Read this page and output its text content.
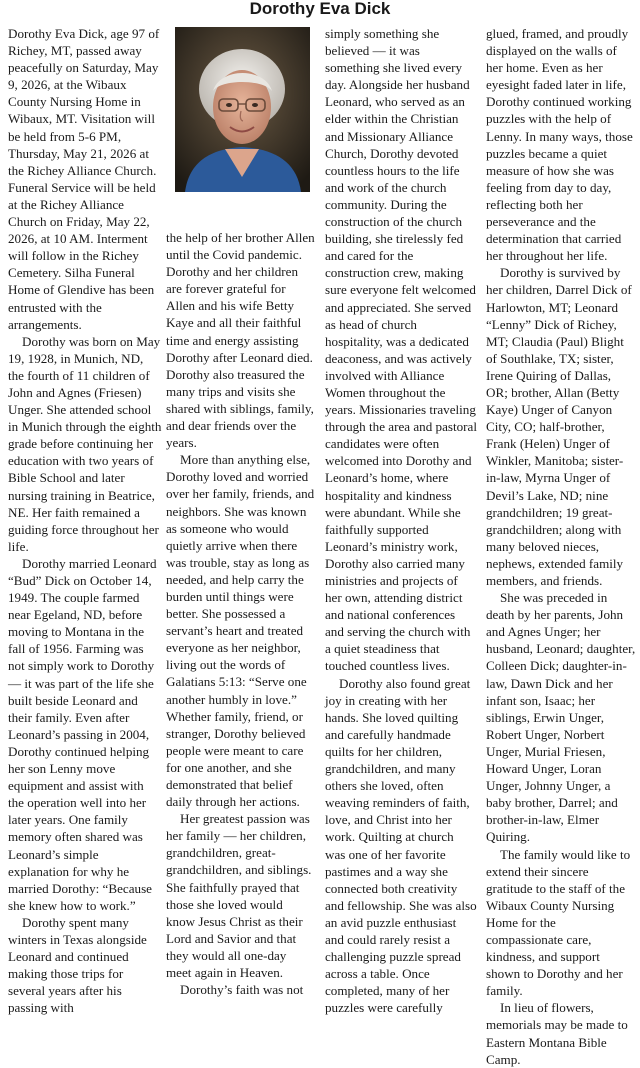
Dorothy Eva Dick

Dorothy Eva Dick, age 97 of Richey, MT, passed away peacefully on Saturday, May 9, 2026, at the Wibaux County Nursing Home in Wibaux, MT. Visitation will be held from 5-6 PM, Thursday, May 21, 2026 at the Richey Alliance Church. Funeral Service will be held at the Richey Alliance Church on Friday, May 22, 2026, at 10 AM. Interment will follow in the Richey Cemetery. Silha Funeral Home of Glendive has been entrusted with the arrangements.

Dorothy was born on May 19, 1928, in Munich, ND, the fourth of 11 children of John and Agnes (Friesen) Unger. She attended school in Munich through the eighth grade before continuing her education with two years of Bible School and later nursing training in Beatrice, NE. Her faith remained a guiding force throughout her life.

Dorothy married Leonard “Bud” Dick on October 14, 1949. The couple farmed near Egeland, ND, before moving to Montana in the fall of 1956. Farming was not simply work to Dorothy — it was part of the life she built beside Leonard and their family. Even after Leonard’s passing in 2004, Dorothy continued helping her son Lenny move equipment and assist with the operation well into her later years. One family memory often shared was Leonard’s simple explanation for why he married Dorothy: “Because she knew how to work.”

Dorothy spent many winters in Texas alongside Leonard and continued making those trips for several years after his passing with

the help of her brother Allen until the Covid pandemic. Dorothy and her children are forever grateful for Allen and his wife Betty Kaye and all their faithful time and energy assisting Dorothy after Leonard died. Dorothy also treasured the many trips and visits she shared with siblings, family, and dear friends over the years.

More than anything else, Dorothy loved and worried over her family, friends, and neighbors. She was known as someone who would quietly arrive when there was trouble, stay as long as needed, and help carry the burden until things were better. She possessed a servant’s heart and treated everyone as her neighbor, living out the words of Galatians 5:13: “Serve one another humbly in love.” Whether family, friend, or stranger, Dorothy believed people were meant to care for one another, and she demonstrated that belief daily through her actions.

Her greatest passion was her family — her children, grandchildren, great-grandchildren, and siblings. She faithfully prayed that those she loved would know Jesus Christ as their Lord and Savior and that they would all one-day meet again in Heaven.

Dorothy’s faith was not

simply something she believed — it was something she lived every day. Alongside her husband Leonard, who served as an elder within the Christian and Missionary Alliance Church, Dorothy devoted countless hours to the life and work of the church community. During the construction of the church building, she tirelessly fed and cared for the construction crew, making sure everyone felt welcomed and appreciated. She served as head of church hospitality, was a dedicated deaconess, and was actively involved with Alliance Women throughout the years. Missionaries traveling through the area and pastoral candidates were often welcomed into Dorothy and Leonard’s home, where hospitality and kindness were abundant. While she faithfully supported Leonard’s ministry work, Dorothy also carried many ministries and projects of her own, attending district and national conferences and serving the church with a quiet steadiness that touched countless lives.

Dorothy also found great joy in creating with her hands. She loved quilting and carefully handmade quilts for her children, grandchildren, and many others she loved, often weaving reminders of faith, love, and Christ into her work. Quilting at church was one of her favorite pastimes and a way she connected both creativity and fellowship. She was also an avid puzzle enthusiast and could rarely resist a challenging puzzle spread across a table. Once completed, many of her puzzles were carefully

glued, framed, and proudly displayed on the walls of her home. Even as her eyesight faded later in life, Dorothy continued working puzzles with the help of Lenny. In many ways, those puzzles became a quiet measure of how she was feeling from day to day, reflecting both her perseverance and the determination that carried her throughout her life.

Dorothy is survived by her children, Darrel Dick of Harlowton, MT; Leonard “Lenny” Dick of Richey, MT; Claudia (Paul) Blight of Southlake, TX; sister, Irene Quiring of Dallas, OR; brother, Allan (Betty Kaye) Unger of Canyon City, CO; half-brother, Frank (Helen) Unger of Winkler, Manitoba; sister-in-law, Myrna Unger of Devil’s Lake, ND; nine grandchildren; 19 great-grandchildren; along with many beloved nieces, nephews, extended family members, and friends.

She was preceded in death by her parents, John and Agnes Unger; her husband, Leonard; daughter, Colleen Dick; daughter-in-law, Dawn Dick and her infant son, Isaac; her siblings, Erwin Unger, Robert Unger, Norbert Unger, Murial Friesen, Howard Unger, Loran Unger, Johnny Unger, a baby brother, Darrel; and brother-in-law, Elmer Quiring.

The family would like to extend their sincere gratitude to the staff of the Wibaux County Nursing Home for the compassionate care, kindness, and support shown to Dorothy and her family.

In lieu of flowers, memorials may be made to Eastern Montana Bible Camp.
